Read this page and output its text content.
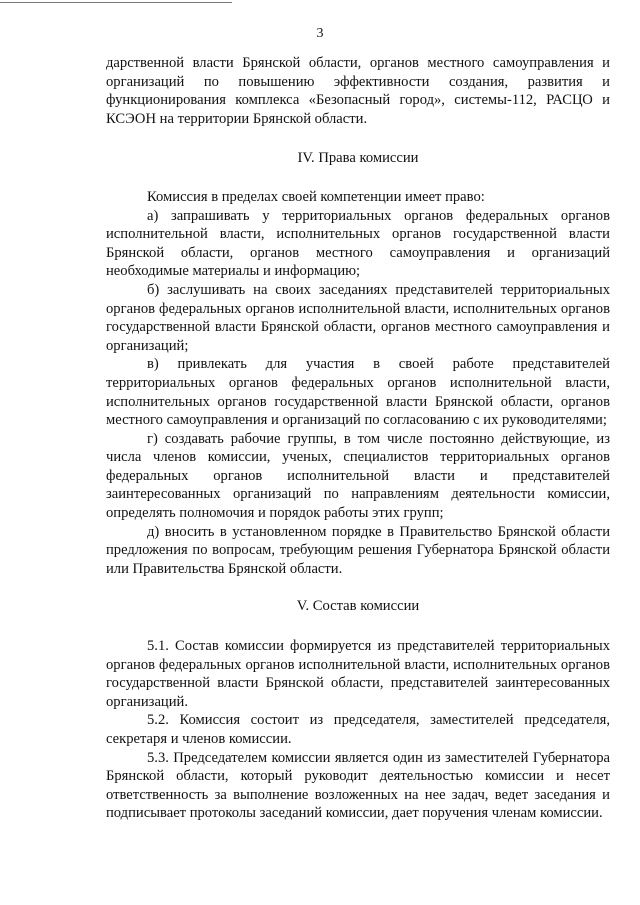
3

дарственной власти Брянской области, органов местного самоуправления и организаций по повышению эффективности создания, развития и функционирования комплекса «Безопасный город», системы-112, РАСЦО и КСЭОН на территории Брянской области.

IV. Права комиссии

Комиссия в пределах своей компетенции имеет право:

а) запрашивать у территориальных органов федеральных органов исполнительной власти, исполнительных органов государственной власти Брянской области, органов местного самоуправления и организаций необходимые материалы и информацию;

б) заслушивать на своих заседаниях представителей территориальных органов федеральных органов исполнительной власти, исполнительных органов государственной власти Брянской области, органов местного самоуправления и организаций;

в) привлекать для участия в своей работе представителей территориальных органов федеральных органов исполнительной власти, исполнительных органов государственной власти Брянской области, органов местного самоуправления и организаций по согласованию с их руководителями;

г) создавать рабочие группы, в том числе постоянно действующие, из числа членов комиссии, ученых, специалистов территориальных органов федеральных органов исполнительной власти и представителей заинтересованных организаций по направлениям деятельности комиссии, определять полномочия и порядок работы этих групп;

д) вносить в установленном порядке в Правительство Брянской области предложения по вопросам, требующим решения Губернатора Брянской области или Правительства Брянской области.

V. Состав комиссии

5.1. Состав комиссии формируется из представителей территориальных органов федеральных органов исполнительной власти, исполнительных органов государственной власти Брянской области, представителей заинтересованных организаций.

5.2. Комиссия состоит из председателя, заместителей председателя, секретаря и членов комиссии.

5.3. Председателем комиссии является один из заместителей Губернатора Брянской области, который руководит деятельностью комиссии и несет ответственность за выполнение возложенных на нее задач, ведет заседания и подписывает протоколы заседаний комиссии, дает поручения членам комиссии.
